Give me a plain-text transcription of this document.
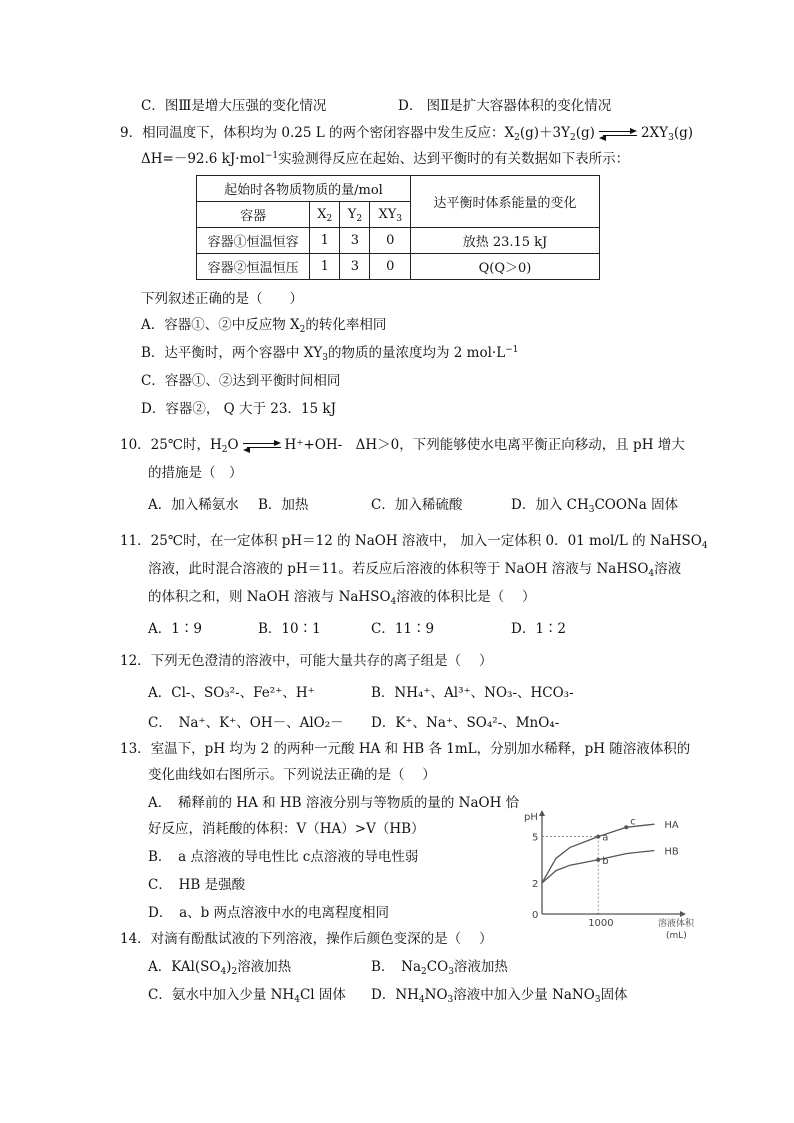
C．图Ⅲ是增大压强的变化情况	D． 图Ⅱ是扩大容器体积的变化情况
9．相同温度下，体积均为 0.25 L 的两个密闭容器中发生反应：$X_2(g)+3Y_2(g)$	$2XY_3(g)$
ΔH=－92.6 kJ·mol$^{-1}$实验测得反应在起始、达到平衡时的有关数据如下表所示：
起始时各物质物质的量/mol				达平衡时体系能量的变化
容器	$X_2$	$Y_2$	$XY_3$
容器①恒温恒容	1	3	0	放热 23.15 kJ
容器②恒温恒压	1	3	0	Q(Q＞0)
下列叙述正确的是（　　）
A．容器①、②中反应物 $X_2$的转化率相同
B．达平衡时，两个容器中 $XY_3$的物质的量浓度均为 2 $mol\cdot L^{-1}$
C．容器①、②达到平衡时间相同
D．容器②， Q 大于 23．15 kJ
10．25℃时，$H_2O$	H⁺+OH-　ΔH＞0，下列能够使水电离平衡正向移动，且 pH 增大
的措施是（　）
A．加入稀氨水 B．加热	C．加入稀硫酸	D．加入 $CH_3COONa$ 固体
11．25℃时，在一定体积 pH＝12 的 NaOH 溶液中， 加入一定体积 0．01 mol/L 的 NaHSO$_4$
溶液，此时混合溶液的 pH＝11。若反应后溶液的体积等于 NaOH 溶液与 NaHSO$_4$溶液
的体积之和，则 NaOH 溶液与 NaHSO$_4$溶液的体积比是（　 ）
A．1∶9	B．10∶1	C．11∶9	D．1∶2
12．下列无色澄清的溶液中，可能大量共存的离子组是（　 ）
A．Cl-、SO₃²-、Fe²⁺、H⁺	B．NH₄⁺、Al³⁺、NO₃-、HCO₃-
C．　Na⁺、K⁺、OH－、AlO₂－ D．K⁺、Na⁺、SO₄²-、MnO₄-
13．室温下，pH 均为 2 的两种一元酸 HA 和 HB 各 1mL，分别加水稀释，pH 随溶液体积的
变化曲线如右图所示。下列说法正确的是（　 ）
A．　稀释前的 HA 和 HB 溶液分别与等物质的量的 NaOH 恰
好反应，消耗酸的体积：V（HA）>V（HB）
B．　a 点溶液的导电性比 c点溶液的导电性弱
C．　HB 是强酸
D．　a、b 两点溶液中水的电离程度相同
pH
溶液体积
(mL)
0
1000
2
5
HA
HB
a
b
c
14．对滴有酚酞试液的下列溶液，操作后颜色变深的是（　 ）
A．$KAl(SO_4)_2$溶液加热	B．　$Na_2CO_3$溶液加热
C．氨水中加入少量 $NH_4Cl$ 固体 D．$NH_4NO_3$溶液中加入少量 NaNO$_3$固体
